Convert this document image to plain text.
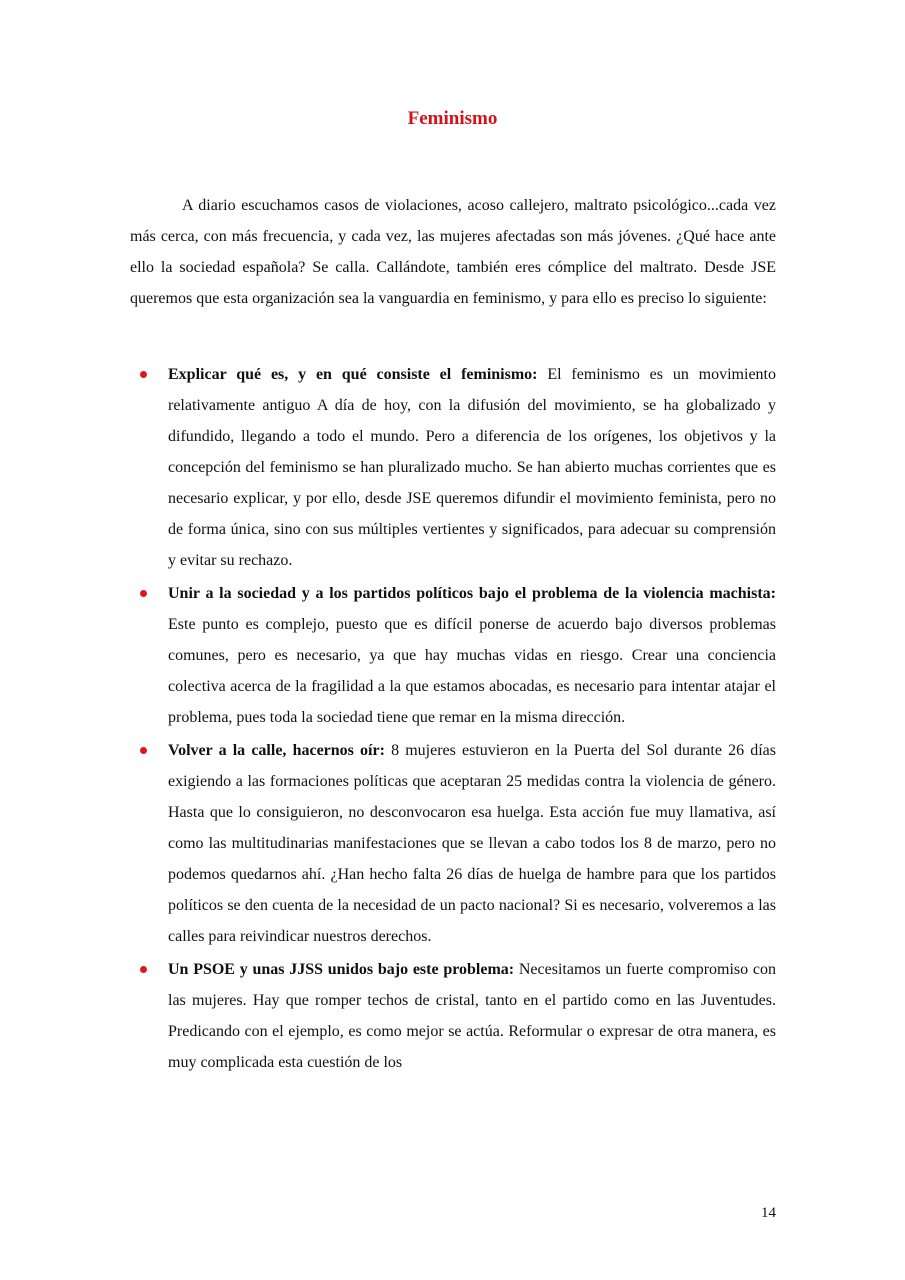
Feminismo

A diario escuchamos casos de violaciones, acoso callejero, maltrato psicológico...cada vez más cerca, con más frecuencia, y cada vez, las mujeres afectadas son más jóvenes. ¿Qué hace ante ello la sociedad española? Se calla. Callándote, también eres cómplice del maltrato. Desde JSE queremos que esta organización sea la vanguardia en feminismo, y para ello es preciso lo siguiente:

Explicar qué es, y en qué consiste el feminismo: El feminismo es un movimiento relativamente antiguo A día de hoy, con la difusión del movimiento, se ha globalizado y difundido, llegando a todo el mundo. Pero a diferencia de los orígenes, los objetivos y la concepción del feminismo se han pluralizado mucho. Se han abierto muchas corrientes que es necesario explicar, y por ello, desde JSE queremos difundir el movimiento feminista, pero no de forma única, sino con sus múltiples vertientes y significados, para adecuar su comprensión y evitar su rechazo.
Unir a la sociedad y a los partidos políticos bajo el problema de la violencia machista: Este punto es complejo, puesto que es difícil ponerse de acuerdo bajo diversos problemas comunes, pero es necesario, ya que hay muchas vidas en riesgo. Crear una conciencia colectiva acerca de la fragilidad a la que estamos abocadas, es necesario para intentar atajar el problema, pues toda la sociedad tiene que remar en la misma dirección.
Volver a la calle, hacernos oír: 8 mujeres estuvieron en la Puerta del Sol durante 26 días exigiendo a las formaciones políticas que aceptaran 25 medidas contra la violencia de género. Hasta que lo consiguieron, no desconvocaron esa huelga. Esta acción fue muy llamativa, así como las multitudinarias manifestaciones que se llevan a cabo todos los 8 de marzo, pero no podemos quedarnos ahí. ¿Han hecho falta 26 días de huelga de hambre para que los partidos políticos se den cuenta de la necesidad de un pacto nacional? Si es necesario, volveremos a las calles para reivindicar nuestros derechos.
Un PSOE y unas JJSS unidos bajo este problema: Necesitamos un fuerte compromiso con las mujeres. Hay que romper techos de cristal, tanto en el partido como en las Juventudes. Predicando con el ejemplo, es como mejor se actúa. Reformular o expresar de otra manera, es muy complicada esta cuestión de los

14
